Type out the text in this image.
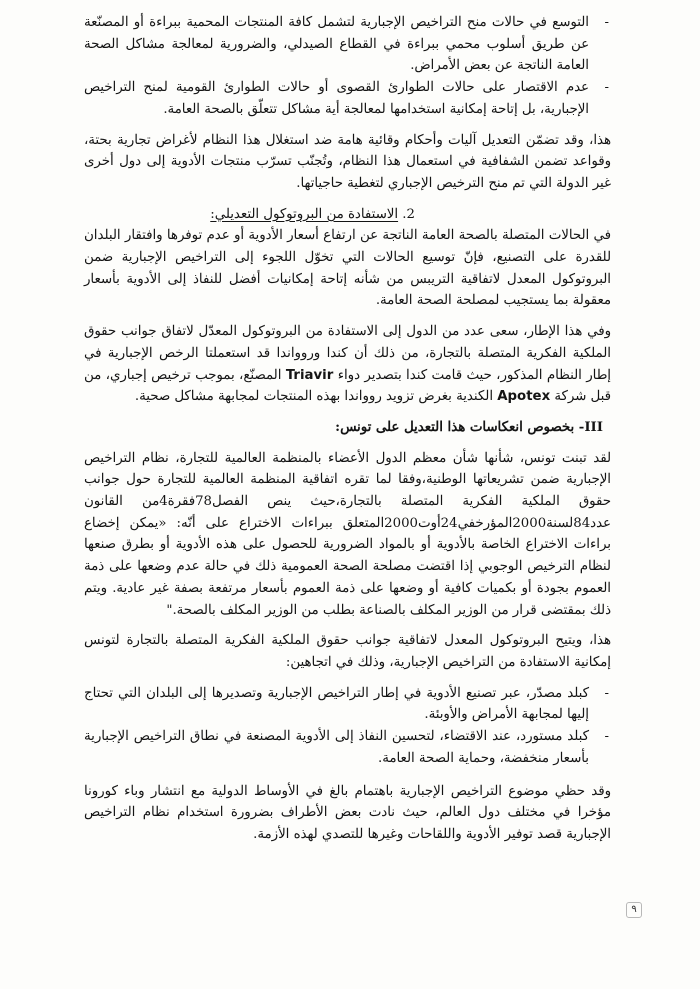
-
التوسع في حالات منح التراخيص الإجبارية لتشمل كافة المنتجات المحمية ببراءة أو المصنّعة عن طريق أسلوب محمي ببراءة في القطاع الصيدلي، والضرورية لمعالجة مشاكل الصحة العامة الناتجة عن بعض الأمراض.
-
عدم الاقتصار على حالات الطوارئ القصوى أو حالات الطوارئ القومية لمنح التراخيص الإجبارية، بل إتاحة إمكانية استخدامها لمعالجة أية مشاكل تتعلّق بالصحة العامة.

هذا، وقد تضمّن التعديل آليات وأحكام وقائية هامة ضد استغلال هذا النظام لأغراض تجارية بحتة، وقواعد تضمن الشفافية في استعمال هذا النظام، وتُجنّب تسرّب منتجات الأدوية إلى دول أخرى غير الدولة التي تم منح الترخيص الإجباري لتغطية حاجياتها.

2. الاستفادة من البروتوكول التعديلي:

في الحالات المتصلة بالصحة العامة الناتجة عن ارتفاع أسعار الأدوية أو عدم توفرها وافتقار البلدان للقدرة على التصنيع، فإنّ توسيع الحالات التي تخوّل اللجوء إلى التراخيص الإجبارية ضمن البروتوكول المعدل لاتفاقية التريبس من شأنه إتاحة إمكانيات أفضل للنفاذ إلى الأدوية بأسعار معقولة بما يستجيب لمصلحة الصحة العامة.

وفي هذا الإطار، سعى عدد من الدول إلى الاستفادة من البروتوكول المعدّل لاتفاق جوانب حقوق الملكية الفكرية المتصلة بالتجارة، من ذلك أن كندا وروواندا قد استعملتا الرخص الإجبارية في إطار النظام المذكور، حيث قامت كندا بتصدير دواء Triavir المصنّع، بموجب ترخيص إجباري، من قبل شركة Apotex الكندية بغرض تزويد روواندا بهذه المنتجات لمجابهة مشاكل صحية.

III- بخصوص انعكاسات هذا التعديل على تونس:

لقد تبنت تونس، شأنها شأن معظم الدول الأعضاء بالمنظمة العالمية للتجارة، نظام التراخيص الإجبارية ضمن تشريعاتها الوطنية،وفقا لما تقره اتفاقية المنظمة العالمية للتجارة حول جوانب حقوق الملكية الفكرية المتصلة بالتجارة،حيث ينص الفصل78فقرة4من القانون عدد84لسنة2000المؤرخفي24أوت2000المتعلق ببراءات الاختراع على أنّه: «يمكن إخضاع براءات الاختراع الخاصة بالأدوية أو بالمواد الضرورية للحصول على هذه الأدوية أو بطرق صنعها لنظام الترخيص الوجوبي إذا اقتضت مصلحة الصحة العمومية ذلك في حالة عدم وضعها على ذمة العموم بجودة أو بكميات كافية أو وضعها على ذمة العموم بأسعار مرتفعة بصفة غير عادية. ويتم ذلك بمقتضى قرار من الوزير المكلف بالصناعة بطلب من الوزير المكلف بالصحة."

هذا، ويتيح البروتوكول المعدل لاتفاقية جوانب حقوق الملكية الفكرية المتصلة بالتجارة لتونس إمكانية الاستفادة من التراخيص الإجبارية، وذلك في اتجاهين:

-
كبلد مصدّر، عبر تصنيع الأدوية في إطار التراخيص الإجبارية وتصديرها إلى البلدان التي تحتاج إليها لمجابهة الأمراض والأوبئة.
-
كبلد مستورد، عند الاقتضاء، لتحسين النفاذ إلى الأدوية المصنعة في نطاق التراخيص الإجبارية بأسعار منخفضة، وحماية الصحة العامة.

وقد حظي موضوع التراخيص الإجبارية باهتمام بالغ في الأوساط الدولية مع انتشار وباء كورونا مؤخرا في مختلف دول العالم، حيث نادت بعض الأطراف بضرورة استخدام نظام التراخيص الإجبارية قصد توفير الأدوية واللقاحات وغيرها للتصدي لهذه الأزمة.

٩
